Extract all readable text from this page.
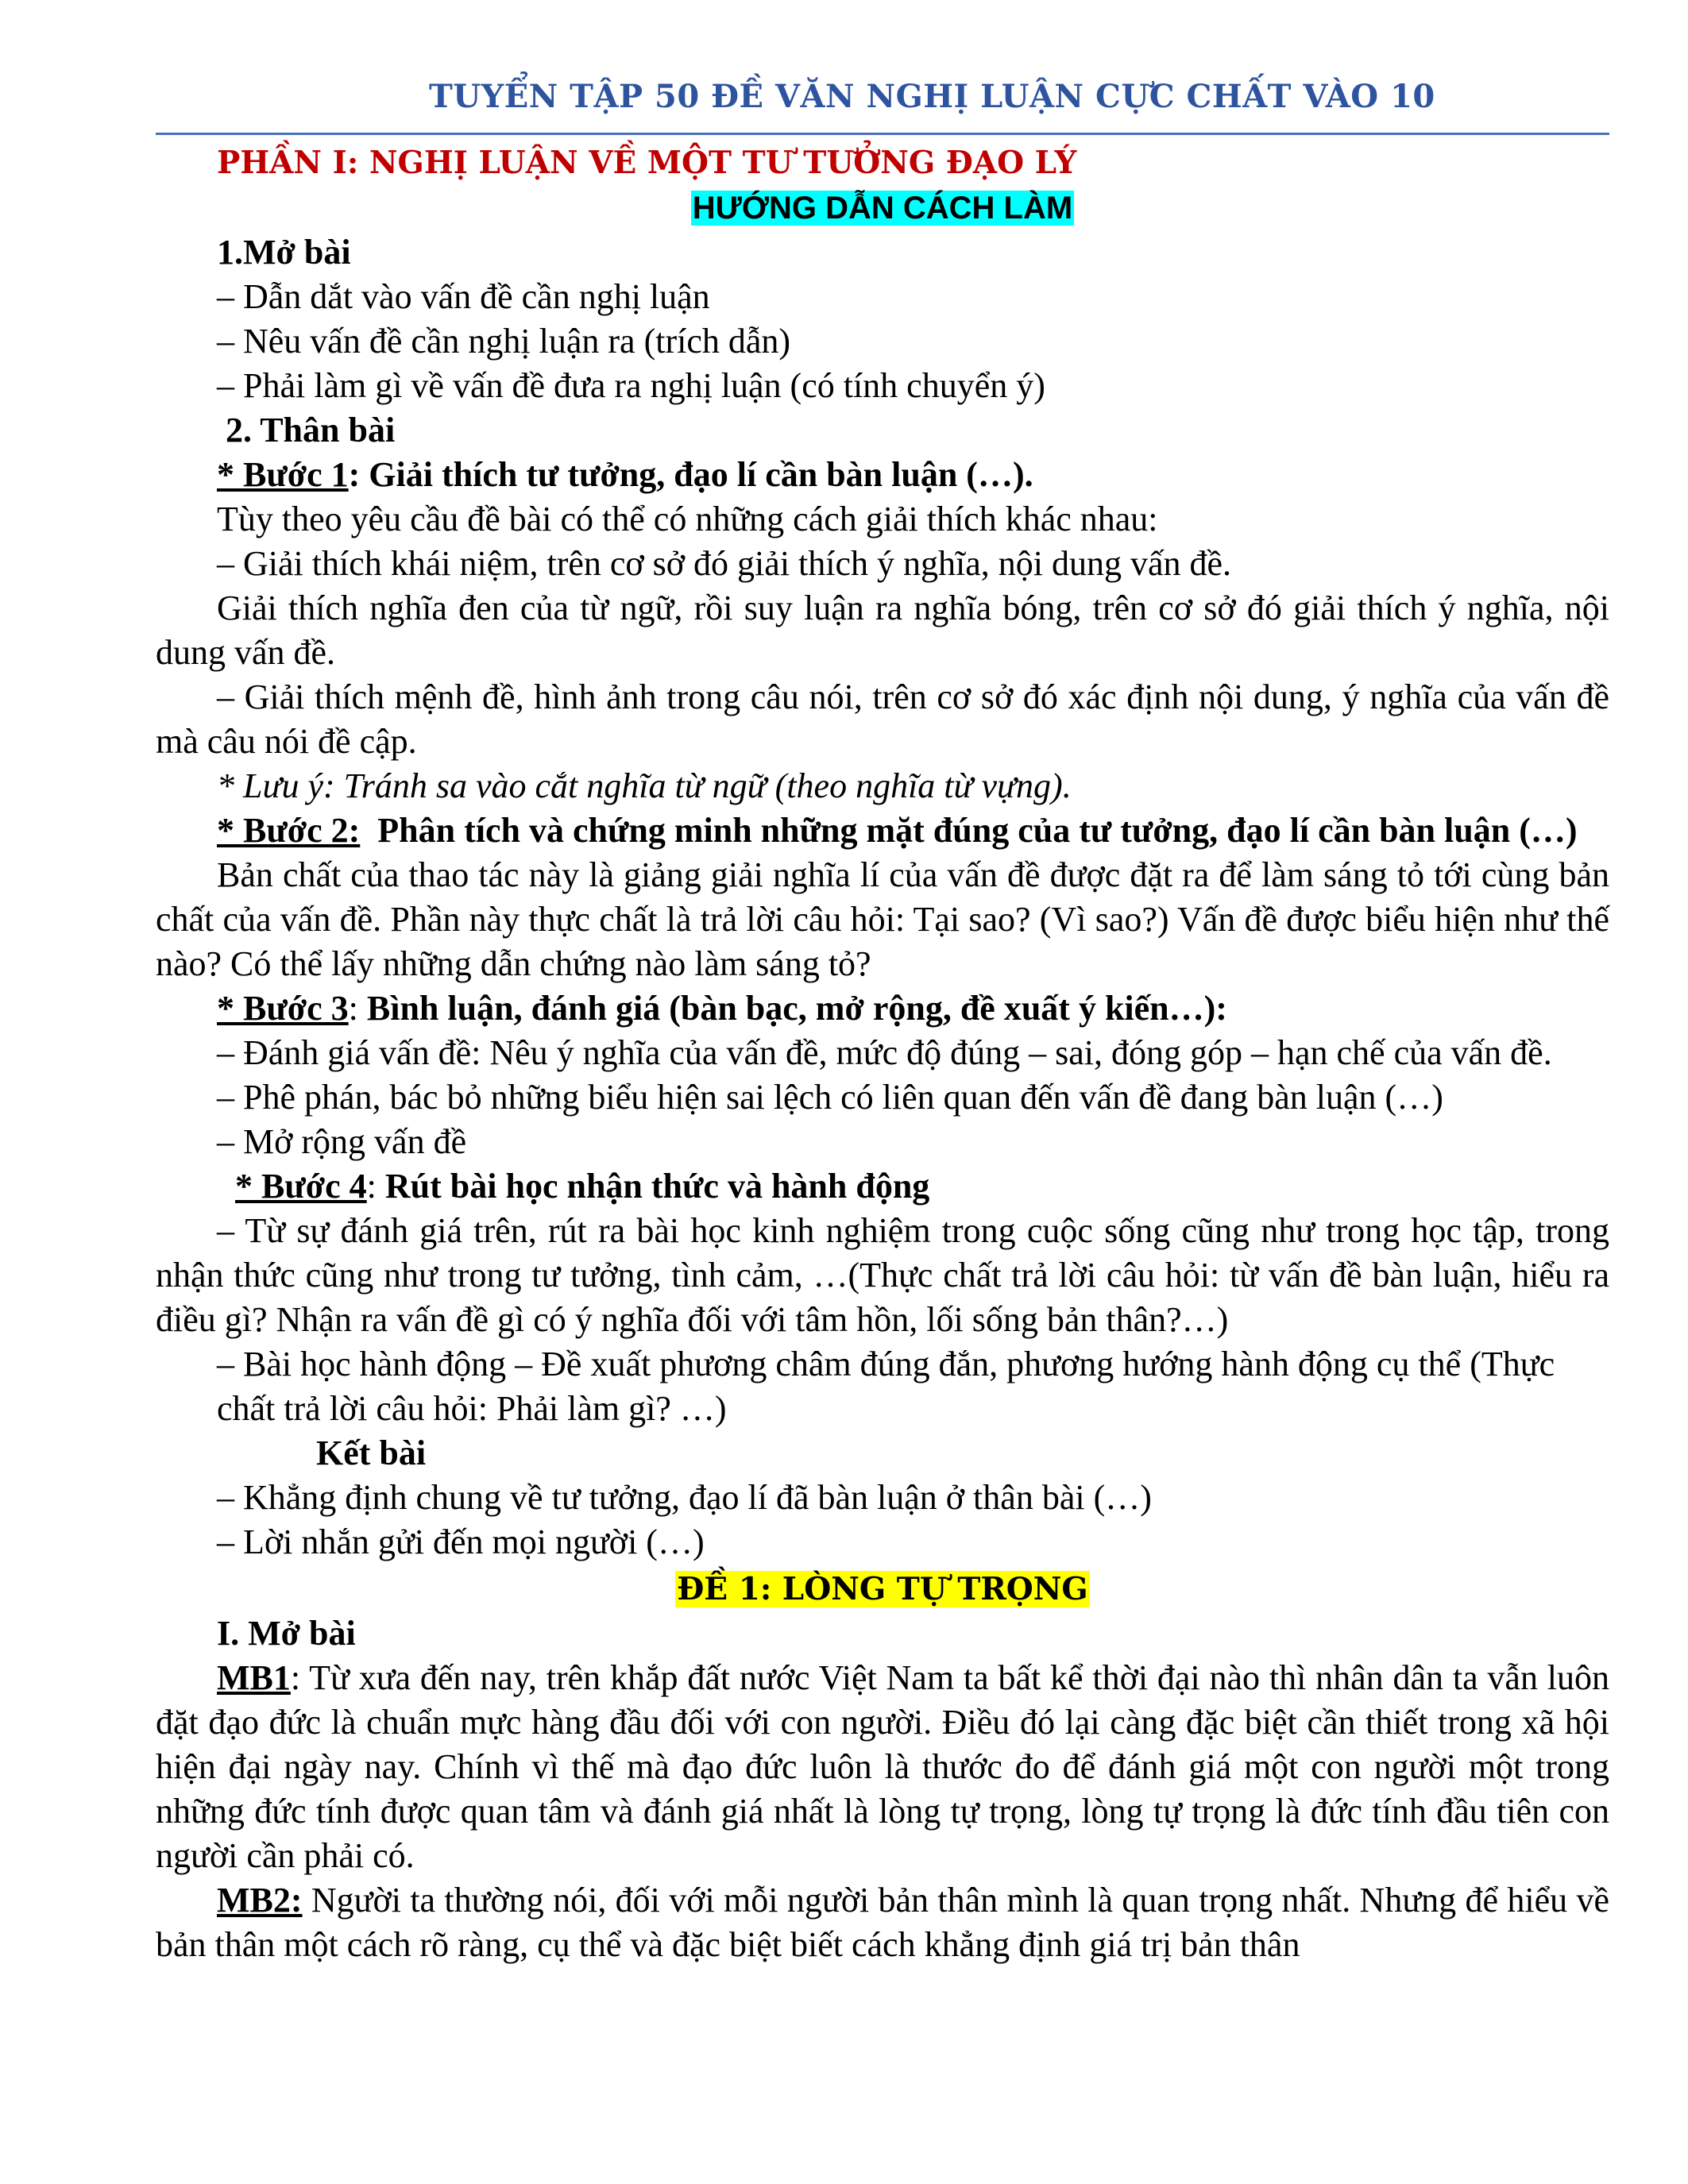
TUYỂN TẬP 50 ĐỀ VĂN NGHỊ LUẬN CỰC CHẤT VÀO 10

PHẦN I: NGHỊ LUẬN VỀ MỘT TƯ TƯỞNG ĐẠO LÝ

HƯỚNG DẪN CÁCH LÀM

1.Mở bài

– Dẫn dắt vào vấn đề cần nghị luận

– Nêu vấn đề cần nghị luận ra (trích dẫn)

– Phải làm gì về vấn đề đưa ra nghị luận (có tính chuyển ý)

2. Thân bài

* Bước 1: Giải thích tư tưởng, đạo lí cần bàn luận (…).

Tùy theo yêu cầu đề bài có thể có những cách giải thích khác nhau:

– Giải thích khái niệm, trên cơ sở đó giải thích ý nghĩa, nội dung vấn đề.

Giải thích nghĩa đen của từ ngữ, rồi suy luận ra nghĩa bóng, trên cơ sở đó giải thích ý nghĩa, nội dung vấn đề.

– Giải thích mệnh đề, hình ảnh trong câu nói, trên cơ sở đó xác định nội dung, ý nghĩa của vấn đề mà câu nói đề cập.

* Lưu ý: Tránh sa vào cắt nghĩa từ ngữ (theo nghĩa từ vựng).

* Bước 2:  Phân tích và chứng minh những mặt đúng của tư tưởng, đạo lí cần bàn luận (…)

Bản chất của thao tác này là giảng giải nghĩa lí của vấn đề được đặt ra để làm sáng tỏ tới cùng bản chất của vấn đề. Phần này thực chất là trả lời câu hỏi: Tại sao? (Vì sao?) Vấn đề được biểu hiện như thế nào? Có thể lấy những dẫn chứng nào làm sáng tỏ?

* Bước 3: Bình luận, đánh giá (bàn bạc, mở rộng, đề xuất ý kiến…):

– Đánh giá vấn đề: Nêu ý nghĩa của vấn đề, mức độ đúng – sai, đóng góp – hạn chế của vấn đề.

– Phê phán, bác bỏ những biểu hiện sai lệch có liên quan đến vấn đề đang bàn luận (…)

– Mở rộng vấn đề

* Bước 4: Rút bài học nhận thức và hành động

– Từ sự đánh giá trên, rút ra bài học kinh nghiệm trong cuộc sống cũng như trong học tập, trong nhận thức cũng như trong tư tưởng, tình cảm, …(Thực chất trả lời câu hỏi: từ vấn đề bàn luận, hiểu ra điều gì? Nhận ra vấn đề gì có ý nghĩa đối với tâm hồn, lối sống bản thân?…)

– Bài học hành động – Đề xuất phương châm đúng đắn, phương hướng hành động cụ thể (Thực chất trả lời câu hỏi: Phải làm gì? …)

Kết bài

– Khẳng định chung về tư tưởng, đạo lí đã bàn luận ở thân bài (…)

– Lời nhắn gửi đến mọi người (…)

ĐỀ 1: LÒNG TỰ TRỌNG

I. Mở bài

MB1: Từ xưa đến nay, trên khắp đất nước Việt Nam ta bất kể thời đại nào thì nhân dân ta vẫn luôn đặt đạo đức là chuẩn mực hàng đầu đối với con người. Điều đó lại càng đặc biệt cần thiết trong xã hội hiện đại ngày nay. Chính vì thế mà đạo đức luôn là thước đo để đánh giá một con người một trong những đức tính được quan tâm và đánh giá nhất là lòng tự trọng, lòng tự trọng là đức tính đầu tiên con người cần phải có.

MB2: Người ta thường nói, đối với mỗi người bản thân mình là quan trọng nhất. Nhưng để hiểu về bản thân một cách rõ ràng, cụ thể và đặc biệt biết cách khẳng định giá trị bản thân
